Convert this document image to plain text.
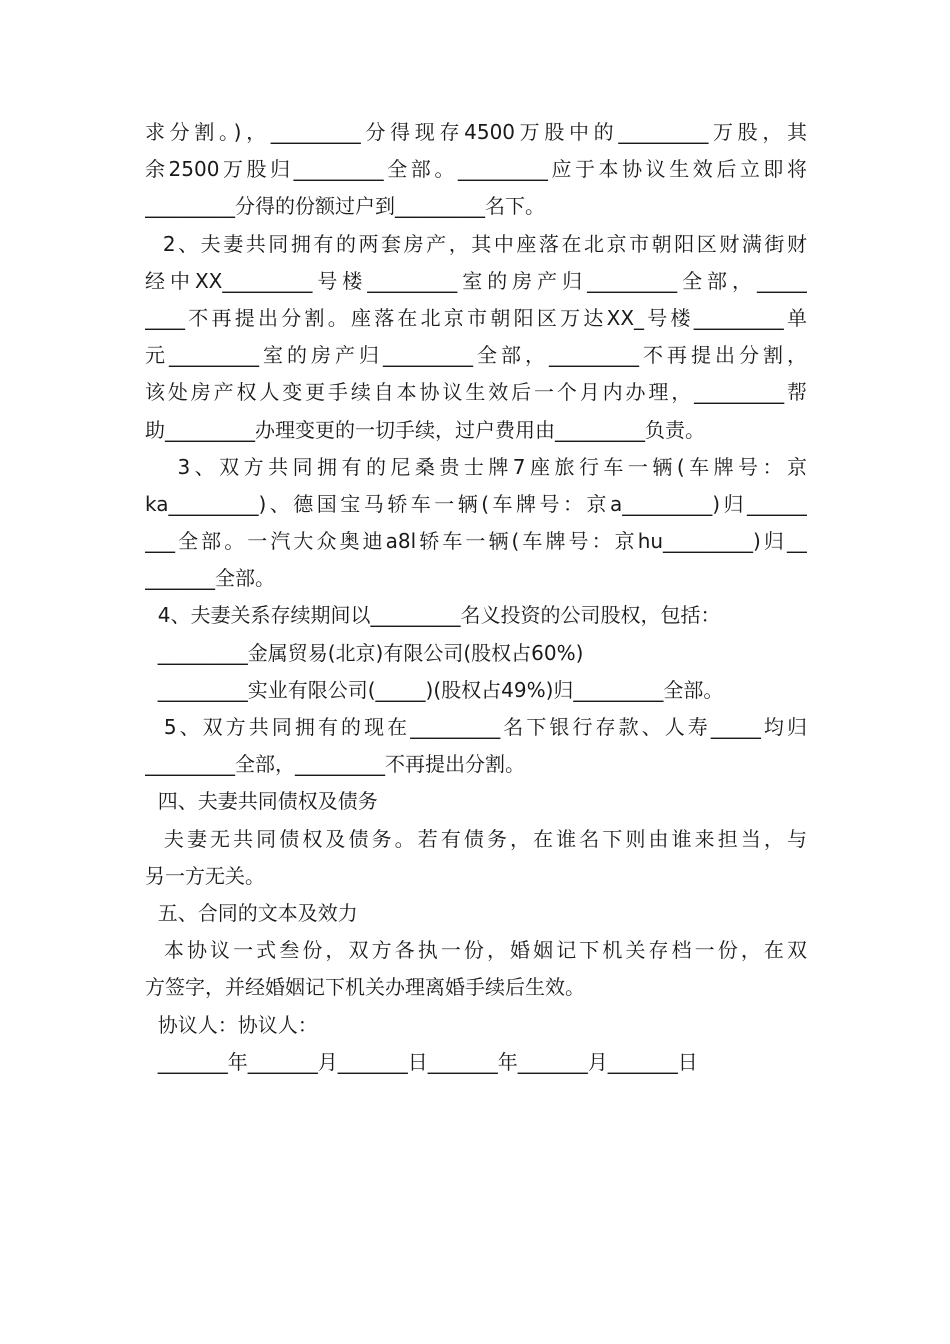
求分割。)，_________分得现存4500万股中的_________万股，其
余2500万股归_________全部。_________应于本协议生效后立即将
_________分得的份额过户到_________名下。
2、夫妻共同拥有的两套房产，其中座落在北京市朝阳区财满街财
经中XX_________号楼_________室的房产归_________全部，_____
____不再提出分割。座落在北京市朝阳区万达XX_号楼_________单
元_________室的房产归_________全部，_________不再提出分割，
该处房产权人变更手续自本协议生效后一个月内办理，_________帮
助_________办理变更的一切手续，过户费用由_________负责。
3、双方共同拥有的尼桑贵士牌7座旅行车一辆(车牌号：京
ka_________)、德国宝马轿车一辆(车牌号：京a_________)归______
___全部。一汽大众奥迪a8l轿车一辆(车牌号：京hu_________)归__
_______全部。
4、夫妻关系存续期间以_________名义投资的公司股权，包括：
_________金属贸易(北京)有限公司(股权占60%)
_________实业有限公司(_____)(股权占49%)归_________全部。
5、双方共同拥有的现在_________名下银行存款、人寿_____均归
_________全部，_________不再提出分割。
四、夫妻共同债权及债务
夫妻无共同债权及债务。若有债务，在谁名下则由谁来担当，与
另一方无关。
五、合同的文本及效力
本协议一式叁份，双方各执一份，婚姻记下机关存档一份，在双
方签字，并经婚姻记下机关办理离婚手续后生效。
协议人：协议人：
_______年_______月_______日_______年_______月_______日
